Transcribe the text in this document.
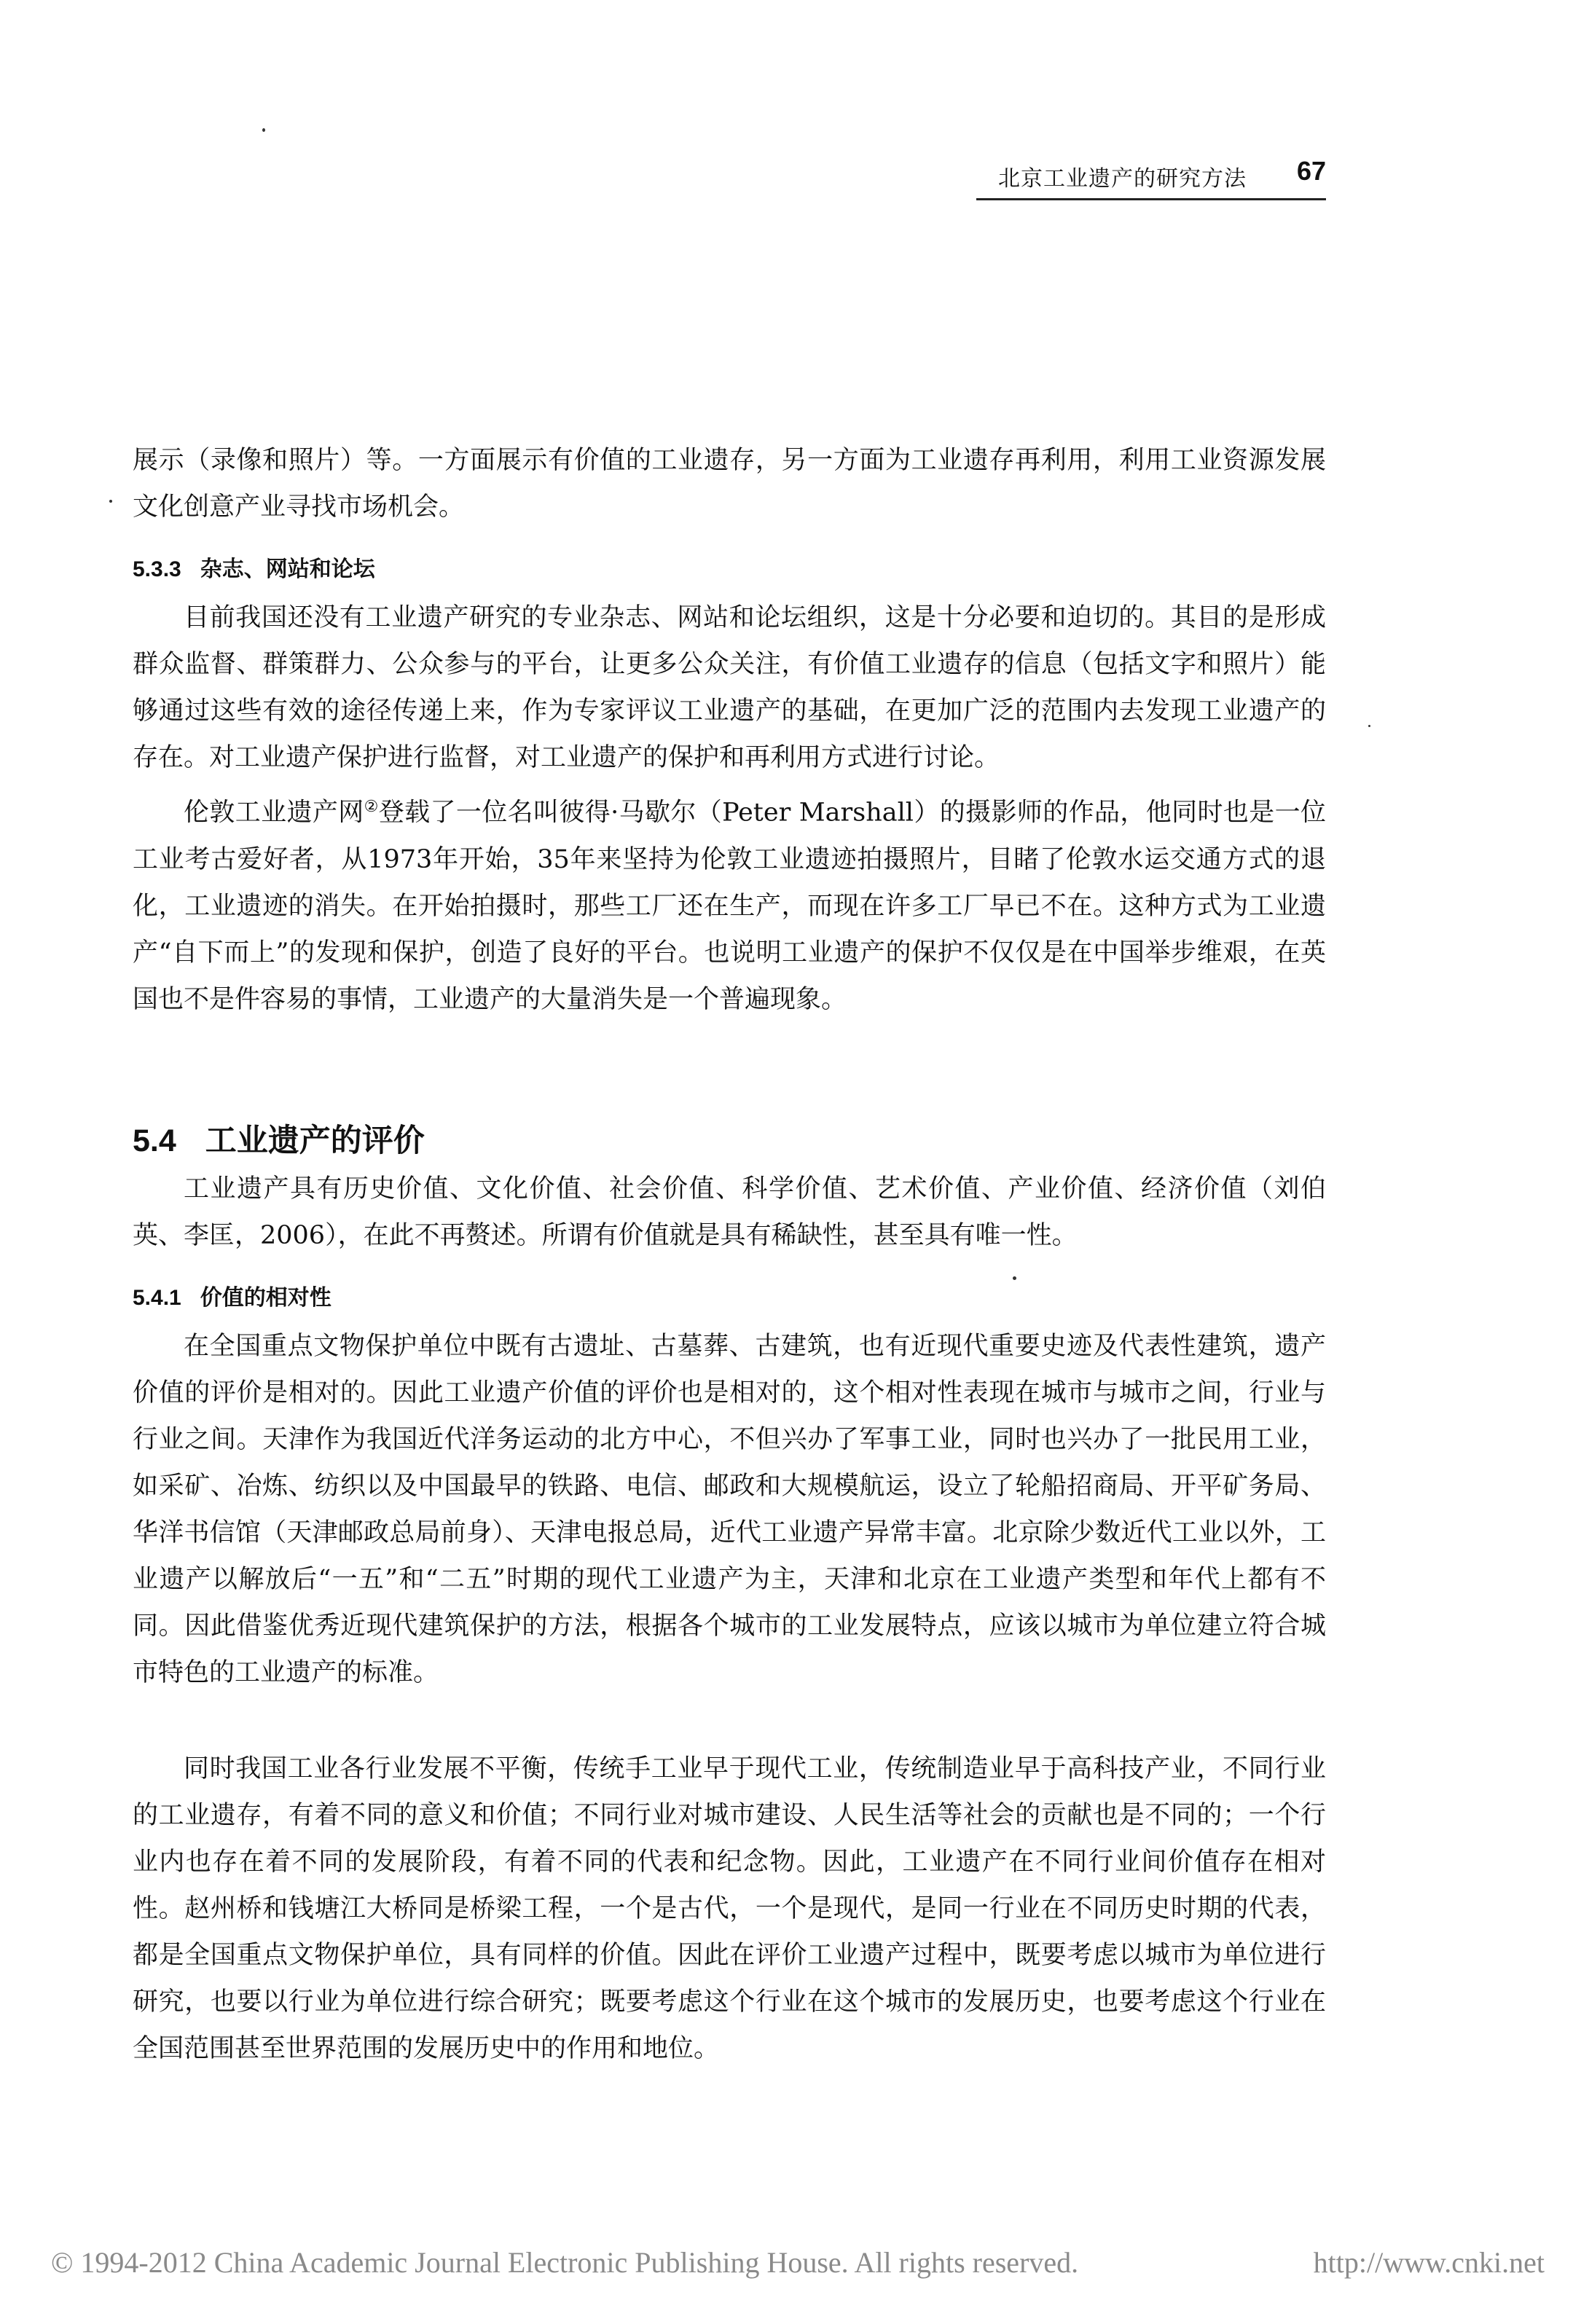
北京工业遗产的研究方法 67

展示（录像和照片）等。一方面展示有价值的工业遗存，另一方面为工业遗存再利用，利用工业资源发展文化创意产业寻找市场机会。

5.3.3 杂志、网站和论坛

目前我国还没有工业遗产研究的专业杂志、网站和论坛组织，这是十分必要和迫切的。其目的是形成群众监督、群策群力、公众参与的平台，让更多公众关注，有价值工业遗存的信息（包括文字和照片）能够通过这些有效的途径传递上来，作为专家评议工业遗产的基础，在更加广泛的范围内去发现工业遗产的存在。对工业遗产保护进行监督，对工业遗产的保护和再利用方式进行讨论。

伦敦工业遗产网②登载了一位名叫彼得·马歇尔（Peter Marshall）的摄影师的作品，他同时也是一位工业考古爱好者，从1973年开始，35年来坚持为伦敦工业遗迹拍摄照片，目睹了伦敦水运交通方式的退化，工业遗迹的消失。在开始拍摄时，那些工厂还在生产，而现在许多工厂早已不在。这种方式为工业遗产“自下而上”的发现和保护，创造了良好的平台。也说明工业遗产的保护不仅仅是在中国举步维艰，在英国也不是件容易的事情，工业遗产的大量消失是一个普遍现象。

5.4 工业遗产的评价

工业遗产具有历史价值、文化价值、社会价值、科学价值、艺术价值、产业价值、经济价值（刘伯英、李匡，2006），在此不再赘述。所谓有价值就是具有稀缺性，甚至具有唯一性。

5.4.1 价值的相对性

在全国重点文物保护单位中既有古遗址、古墓葬、古建筑，也有近现代重要史迹及代表性建筑，遗产价值的评价是相对的。因此工业遗产价值的评价也是相对的，这个相对性表现在城市与城市之间，行业与行业之间。天津作为我国近代洋务运动的北方中心，不但兴办了军事工业，同时也兴办了一批民用工业，如采矿、冶炼、纺织以及中国最早的铁路、电信、邮政和大规模航运，设立了轮船招商局、开平矿务局、华洋书信馆（天津邮政总局前身）、天津电报总局，近代工业遗产异常丰富。北京除少数近代工业以外，工业遗产以解放后“一五”和“二五”时期的现代工业遗产为主，天津和北京在工业遗产类型和年代上都有不同。因此借鉴优秀近现代建筑保护的方法，根据各个城市的工业发展特点，应该以城市为单位建立符合城市特色的工业遗产的标准。

同时我国工业各行业发展不平衡，传统手工业早于现代工业，传统制造业早于高科技产业，不同行业的工业遗存，有着不同的意义和价值；不同行业对城市建设、人民生活等社会的贡献也是不同的；一个行业内也存在着不同的发展阶段，有着不同的代表和纪念物。因此，工业遗产在不同行业间价值存在相对性。赵州桥和钱塘江大桥同是桥梁工程，一个是古代，一个是现代，是同一行业在不同历史时期的代表，都是全国重点文物保护单位，具有同样的价值。因此在评价工业遗产过程中，既要考虑以城市为单位进行研究，也要以行业为单位进行综合研究；既要考虑这个行业在这个城市的发展历史，也要考虑这个行业在全国范围甚至世界范围的发展历史中的作用和地位。

© 1994-2012 China Academic Journal Electronic Publishing House. All rights reserved.	http://www.cnki.net
